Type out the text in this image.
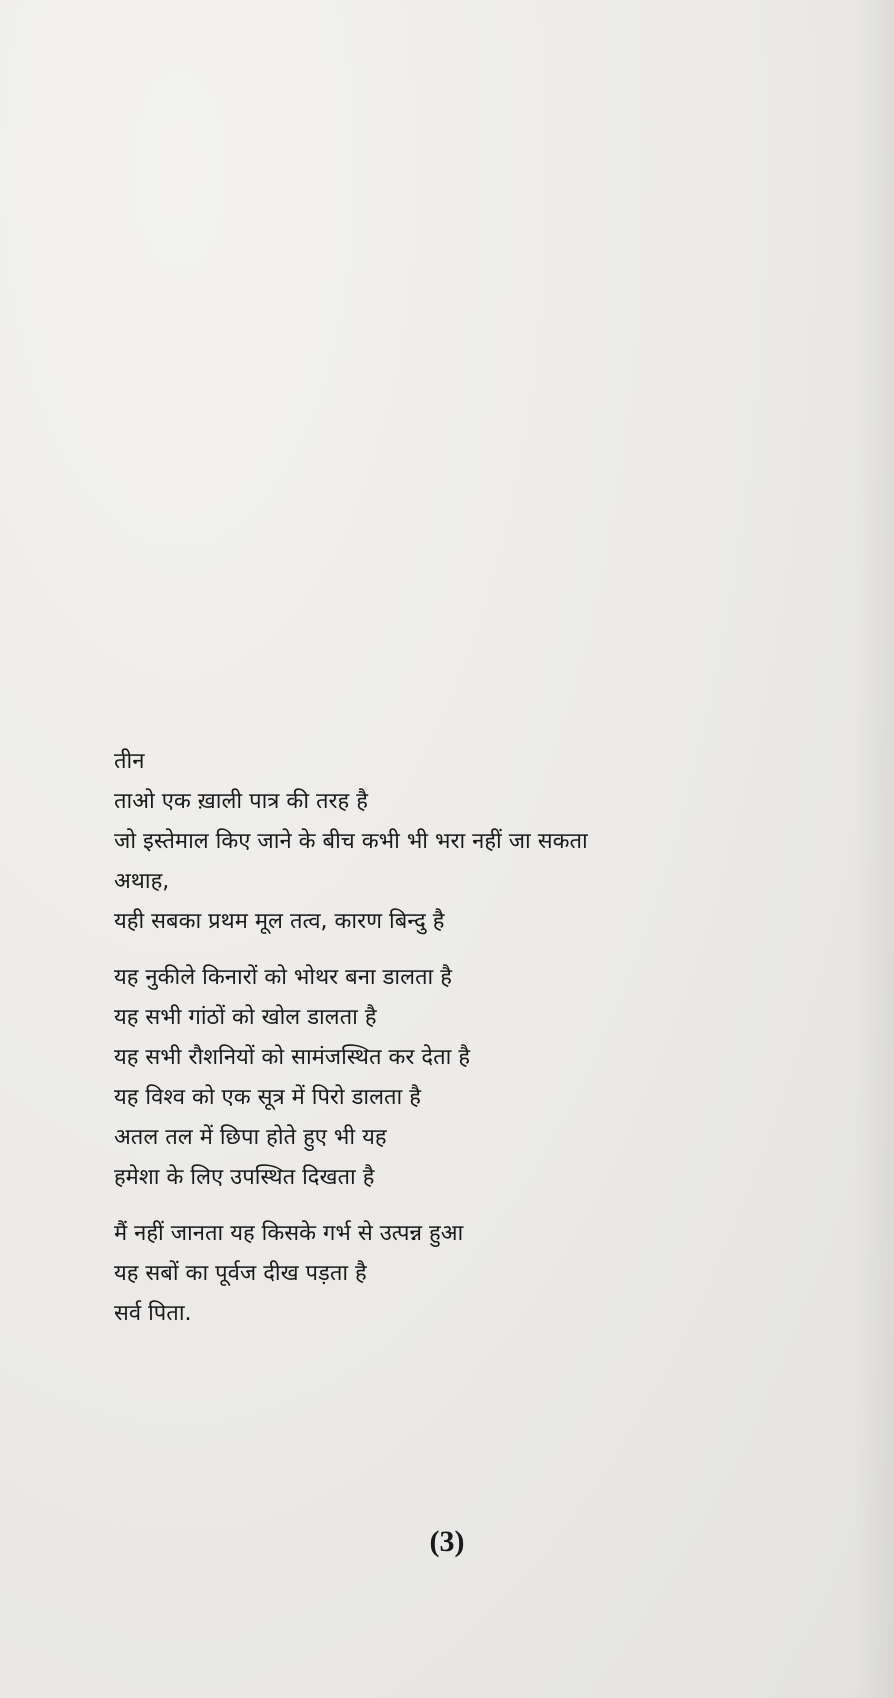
तीन

ताओ एक ख़ाली पात्र की तरह है

जो इस्तेमाल किए जाने के बीच कभी भी भरा नहीं जा सकता

अथाह,

यही सबका प्रथम मूल तत्व, कारण बिन्दु है

यह नुकीले किनारों को भोथर बना डालता है

यह सभी गांठों को खोल डालता है

यह सभी रौशनियों को सामंजस्थित कर देता है

यह विश्व को एक सूत्र में पिरो डालता है

अतल तल में छिपा होते हुए भी यह

हमेशा के लिए उपस्थित दिखता है

मैं नहीं जानता यह किसके गर्भ से उत्पन्न हुआ

यह सबों का पूर्वज दीख पड़ता है

सर्व पिता.

(3)
